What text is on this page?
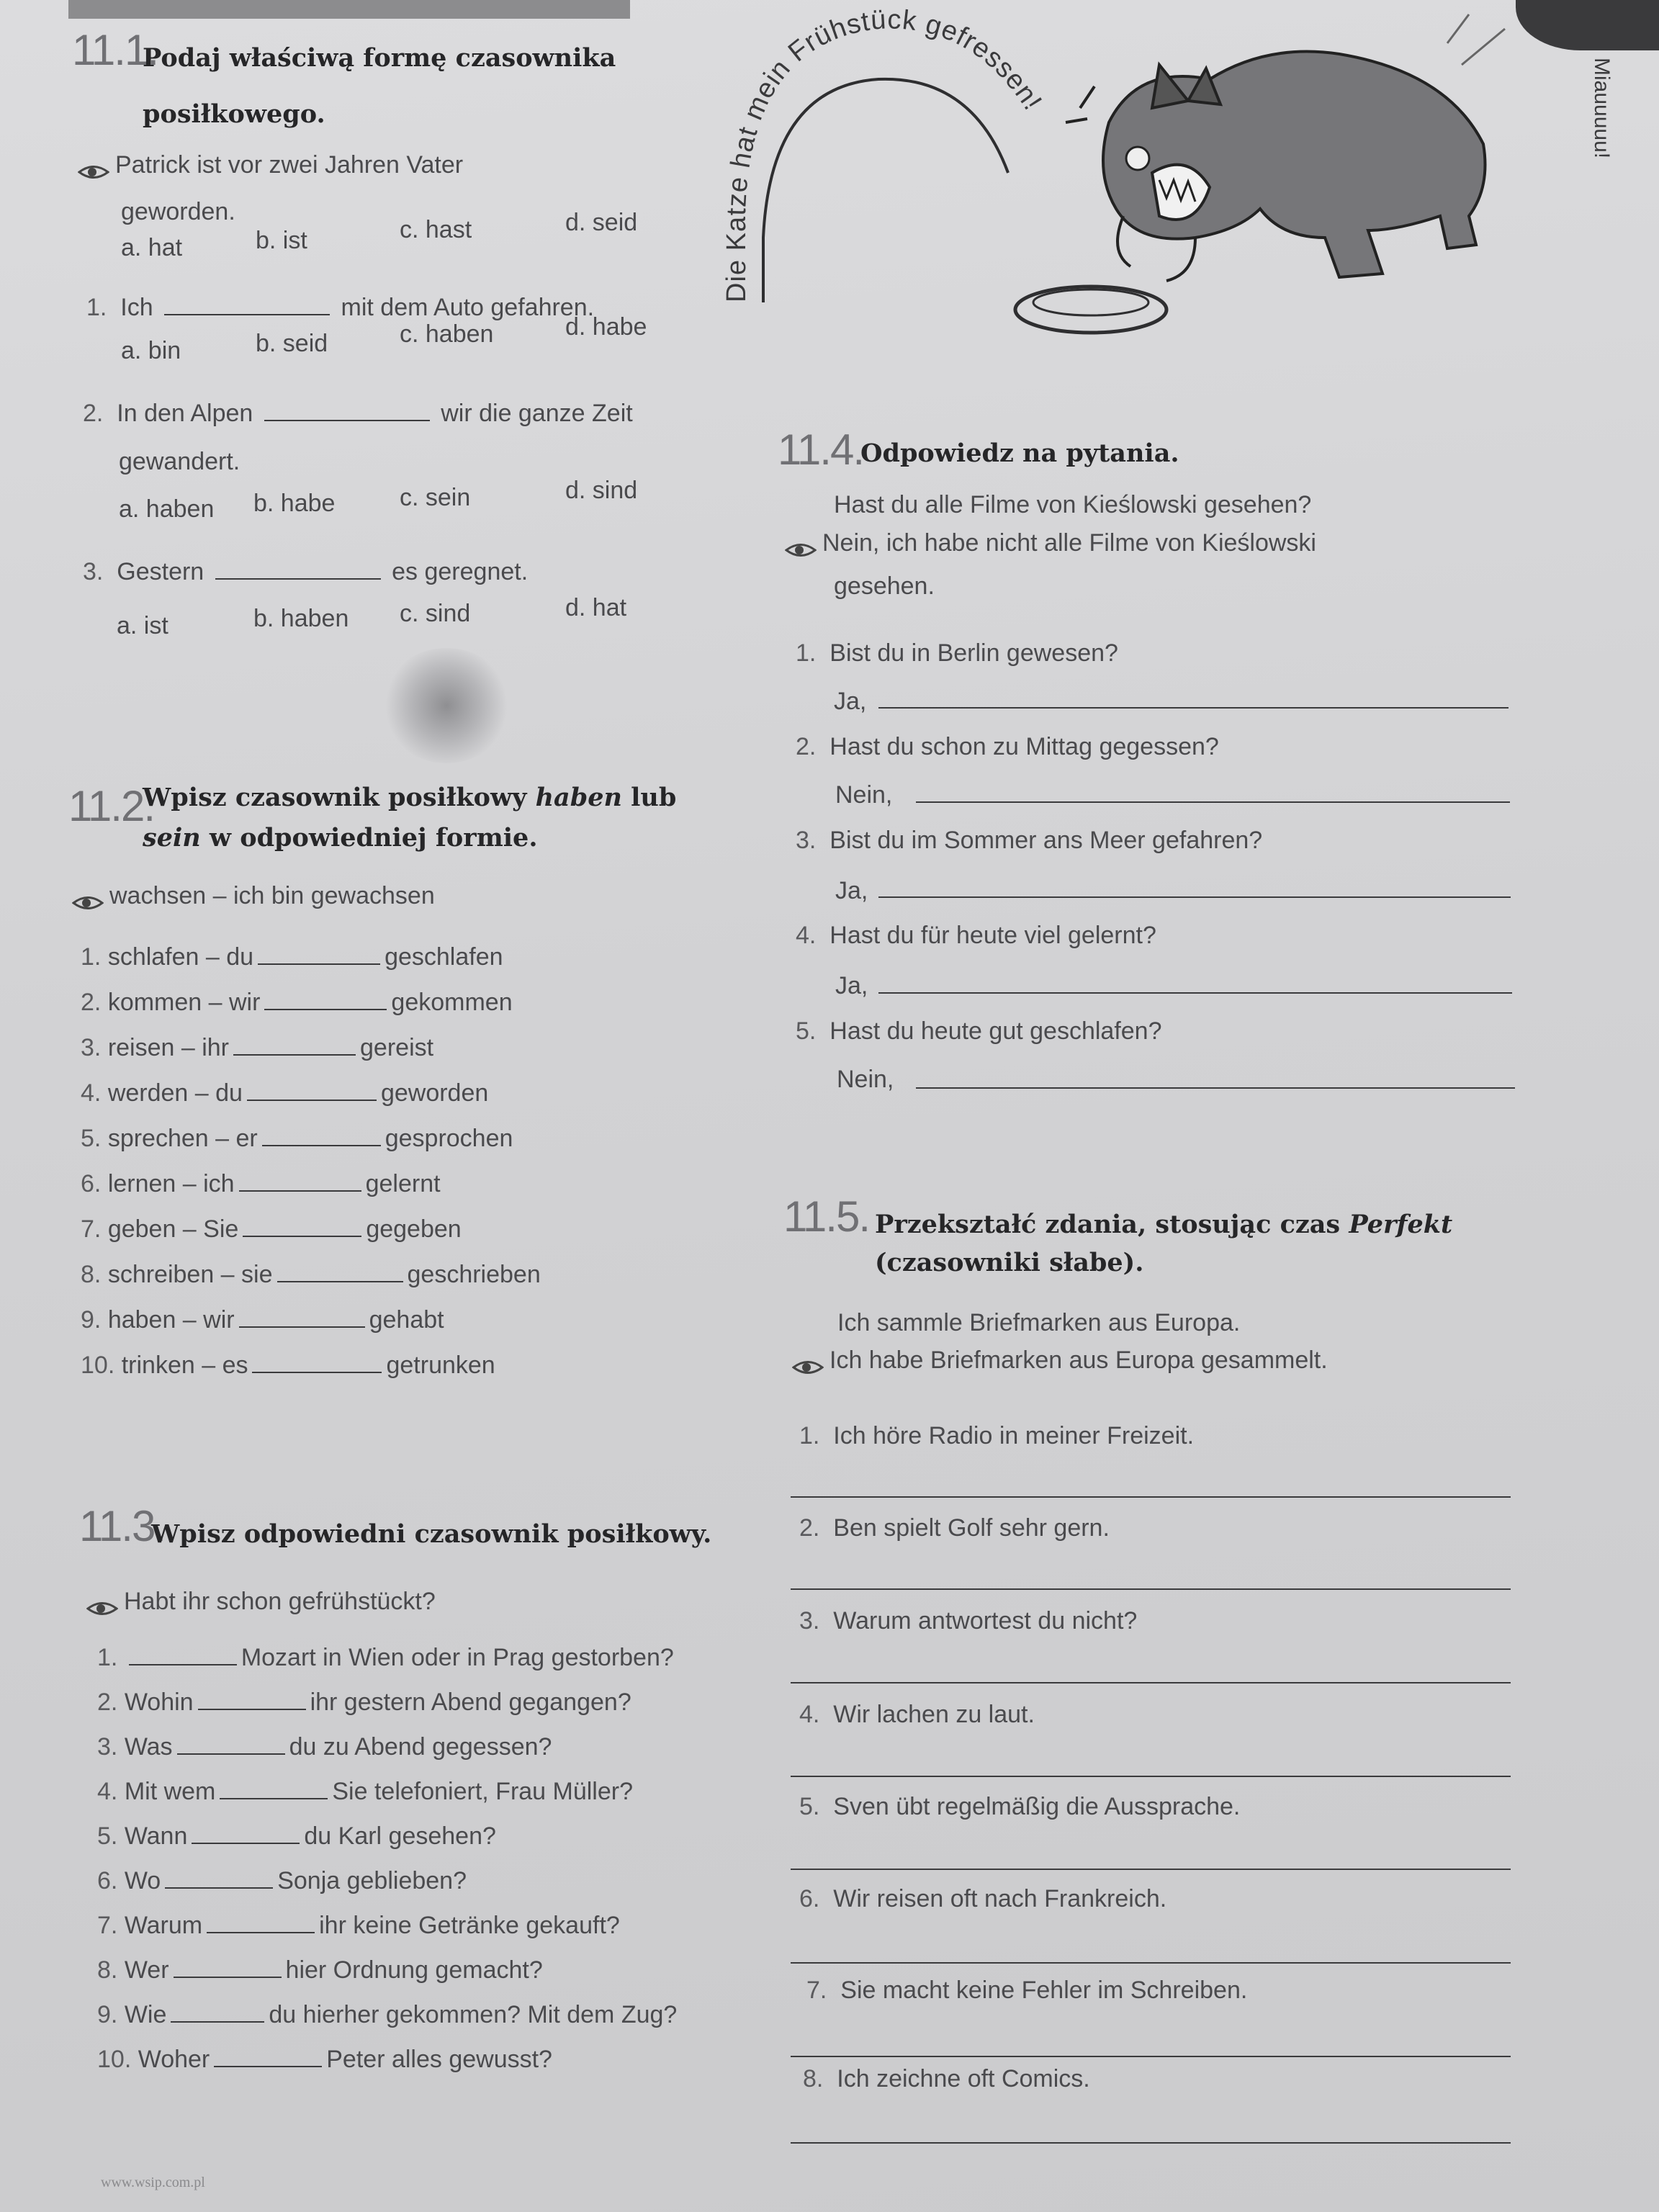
11.1.
Podaj właściwą formę czasownika
posiłkowego.
Patrick ist vor zwei Jahren Vater
geworden.
a. hat	b. ist	c. hast	d. seid
1. Ich	mit dem Auto gefahren.
a. bin	b. seid	c. haben	d. habe
2. In den Alpen	wir die ganze Zeit
gewandert.
a. haben b. habe	c. sein	d. sind
3. Gestern	es geregnet.
a. ist	b. haben c. sind	d. hat
Die Katze hat mein Frühstück gefressen!	Miauuuuu!
11.2.
Wpisz czasownik posiłkowy haben lub
sein w odpowiedniej formie.
wachsen – ich bin gewachsen
1. schlafen – du	geschlafen
2. kommen – wir	gekommen
3. reisen – ihr	gereist
4. werden – du	geworden
5. sprechen – er	gesprochen
6. lernen – ich	gelernt
7. geben – Sie	gegeben
8. schreiben – sie	geschrieben
9. haben – wir	gehabt
10. trinken – es	getrunken
11.3.
Wpisz odpowiedni czasownik posiłkowy.
Habt ihr schon gefrühstückt?
1.	Mozart in Wien oder in Prag gestorben?
2. Wohin	ihr gestern Abend gegangen?
3. Was	du zu Abend gegessen?
4. Mit wem	Sie telefoniert, Frau Müller?
5. Wann	du Karl gesehen?
6. Wo	Sonja geblieben?
7. Warum	ihr keine Getränke gekauft?
8. Wer	hier Ordnung gemacht?
9. Wie	du hierher gekommen? Mit dem Zug?
10. Woher	Peter alles gewusst?
www.wsip.com.pl
11.4.
Odpowiedz na pytania.
Hast du alle Filme von Kieślowski gesehen?
Nein, ich habe nicht alle Filme von Kieślowski
gesehen.
1. Bist du in Berlin gewesen?
Ja,
2. Hast du schon zu Mittag gegessen?
Nein,
3. Bist du im Sommer ans Meer gefahren?
Ja,
4. Hast du für heute viel gelernt?
Ja,
5. Hast du heute gut geschlafen?
Nein,
11.5. Przekształć zdania, stosując czas Perfekt
(czasowniki słabe).
Ich sammle Briefmarken aus Europa.
Ich habe Briefmarken aus Europa gesammelt.
1. Ich höre Radio in meiner Freizeit.
2. Ben spielt Golf sehr gern.
3. Warum antwortest du nicht?
4. Wir lachen zu laut.
5. Sven übt regelmäßig die Aussprache.
6. Wir reisen oft nach Frankreich.
7. Sie macht keine Fehler im Schreiben.
8. Ich zeichne oft Comics.
